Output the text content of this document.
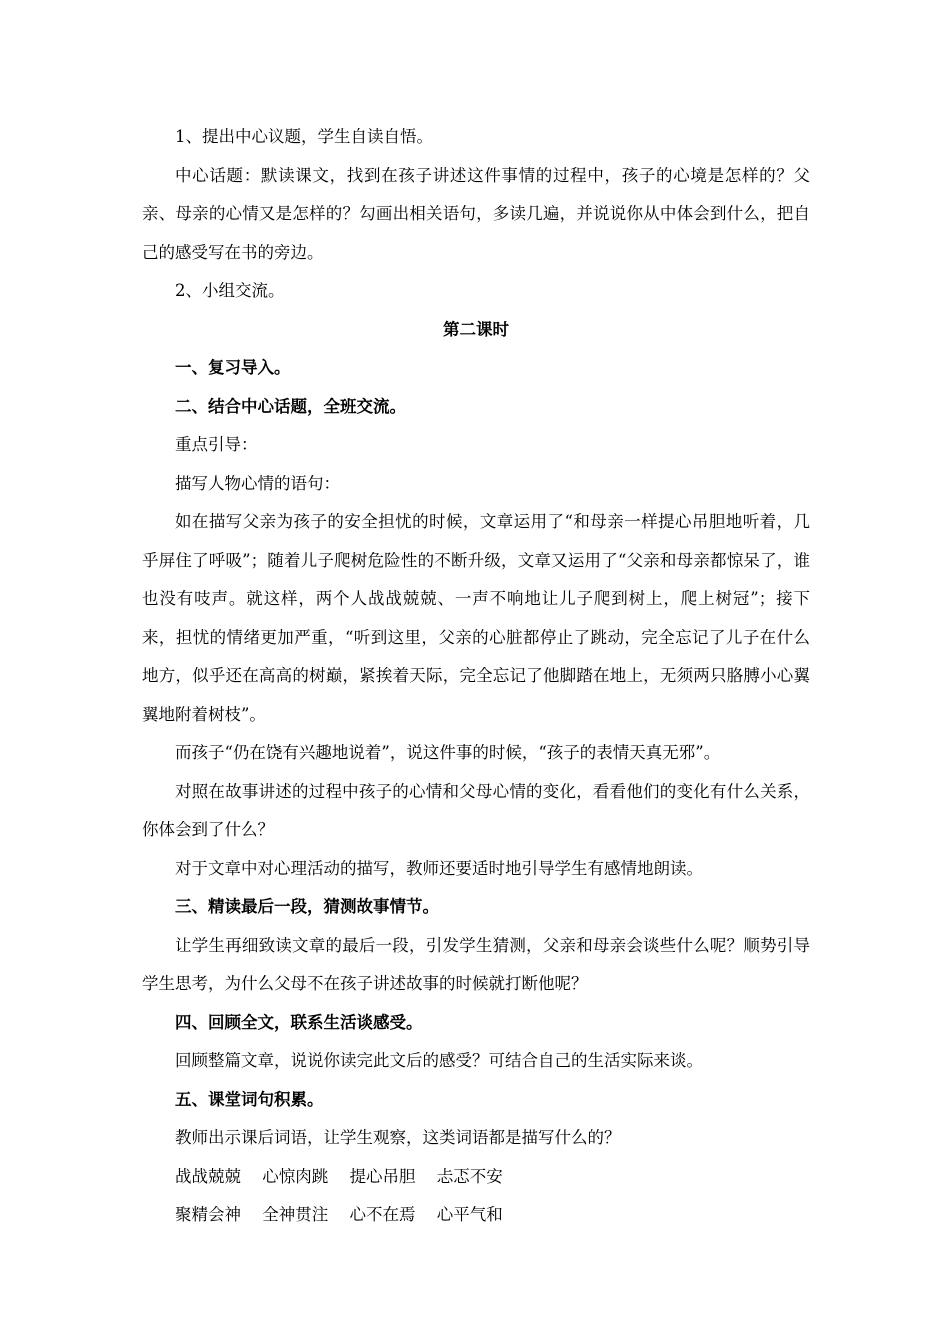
1、提出中心议题，学生自读自悟。

中心话题：默读课文，找到在孩子讲述这件事情的过程中，孩子的心境是怎样的？父亲、母亲的心情又是怎样的？勾画出相关语句，多读几遍，并说说你从中体会到什么，把自己的感受写在书的旁边。

2、小组交流。

第二课时

一、复习导入。

二、结合中心话题，全班交流。

重点引导：

描写人物心情的语句：

如在描写父亲为孩子的安全担忧的时候，文章运用了“和母亲一样提心吊胆地听着，几乎屏住了呼吸”；随着儿子爬树危险性的不断升级，文章又运用了“父亲和母亲都惊呆了，谁也没有吱声。就这样，两个人战战兢兢、一声不响地让儿子爬到树上，爬上树冠”；接下来，担忧的情绪更加严重，“听到这里，父亲的心脏都停止了跳动，完全忘记了儿子在什么地方，似乎还在高高的树巅，紧挨着天际，完全忘记了他脚踏在地上，无须两只胳膊小心翼翼地附着树枝”。

而孩子“仍在饶有兴趣地说着”，说这件事的时候，“孩子的表情天真无邪”。

对照在故事讲述的过程中孩子的心情和父母心情的变化，看看他们的变化有什么关系，你体会到了什么？

对于文章中对心理活动的描写，教师还要适时地引导学生有感情地朗读。

三、精读最后一段，猜测故事情节。

让学生再细致读文章的最后一段，引发学生猜测，父亲和母亲会谈些什么呢？顺势引导学生思考，为什么父母不在孩子讲述故事的时候就打断他呢？

四、回顾全文，联系生活谈感受。

回顾整篇文章，说说你读完此文后的感受？可结合自己的生活实际来谈。

五、课堂词句积累。

教师出示课后词语，让学生观察，这类词语都是描写什么的？

战战兢兢 心惊肉跳 提心吊胆 忐忑不安

聚精会神 全神贯注 心不在焉 心平气和
